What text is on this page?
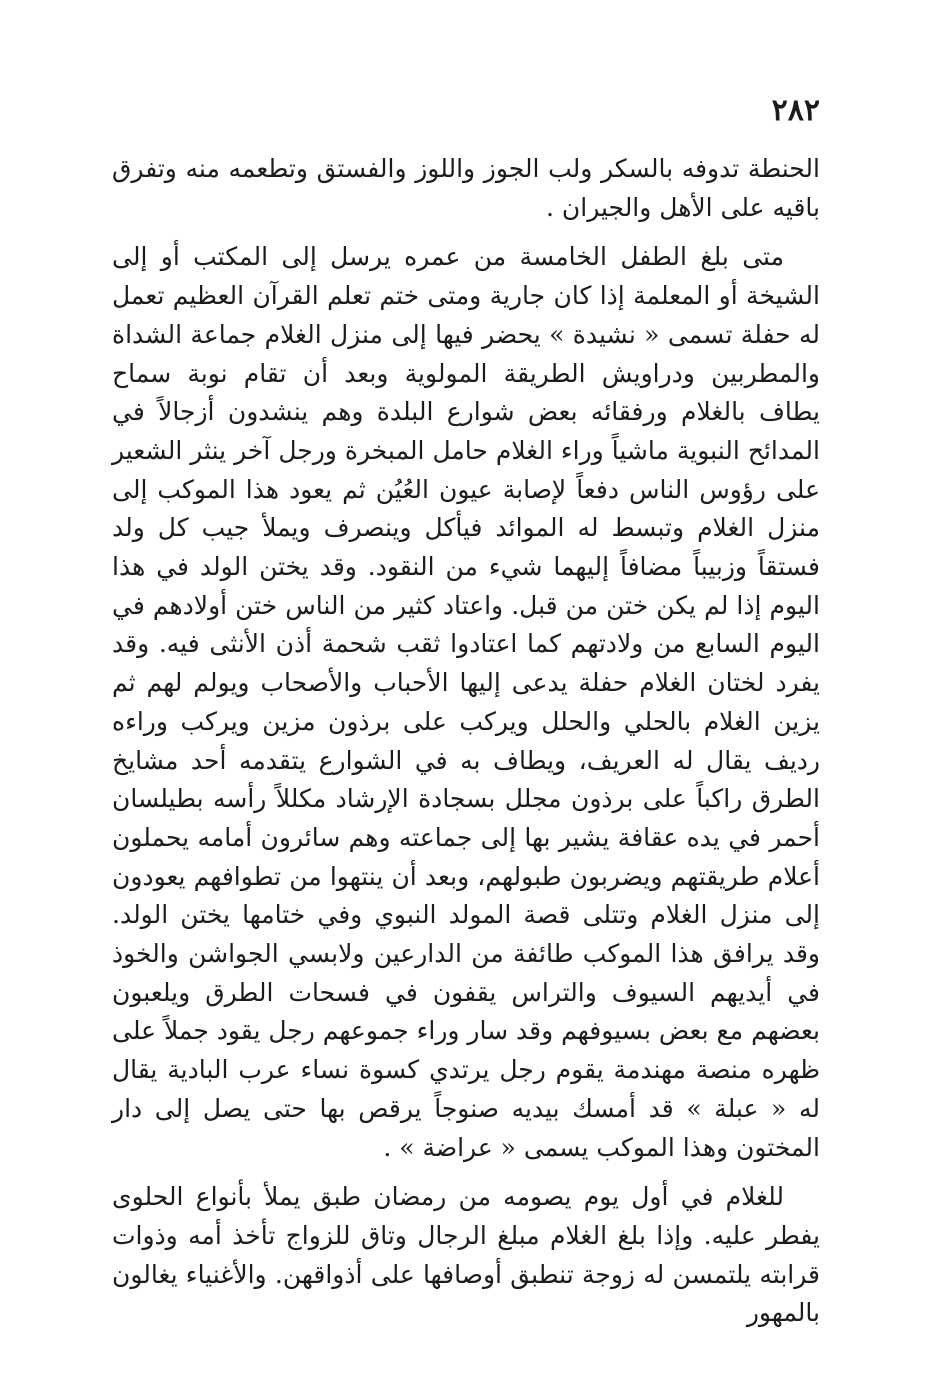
٢٨٢

الحنطة تدوفه بالسكر ولب الجوز واللوز والفستق وتطعمه منه وتفرق باقيه على الأهل والجيران .

متى بلغ الطفل الخامسة من عمره يرسل إلى المكتب أو إلى الشيخة أو المعلمة إذا كان جارية ومتى ختم تعلم القرآن العظيم تعمل له حفلة تسمى « نشيدة » يحضر فيها إلى منزل الغلام جماعة الشداة والمطربين ودراويش الطريقة المولوية وبعد أن تقام نوبة سماح يطاف بالغلام ورفقائه بعض شوارع البلدة وهم ينشدون أزجالاً في المدائح النبوية ماشياً وراء الغلام حامل المبخرة ورجل آخر ينثر الشعير على رؤوس الناس دفعاً لإصابة عيون العُيُن ثم يعود هذا الموكب إلى منزل الغلام وتبسط له الموائد فيأكل وينصرف ويملأ جيب كل ولد فستقاً وزبيباً مضافاً إليهما شيء من النقود. وقد يختن الولد في هذا اليوم إذا لم يكن ختن من قبل. واعتاد كثير من الناس ختن أولادهم في اليوم السابع من ولادتهم كما اعتادوا ثقب شحمة أذن الأنثى فيه. وقد يفرد لختان الغلام حفلة يدعى إليها الأحباب والأصحاب ويولم لهم ثم يزين الغلام بالحلي والحلل ويركب على برذون مزين ويركب وراءه رديف يقال له العريف، ويطاف به في الشوارع يتقدمه أحد مشايخ الطرق راكباً على برذون مجلل بسجادة الإرشاد مكللاً رأسه بطيلسان أحمر في يده عقافة يشير بها إلى جماعته وهم سائرون أمامه يحملون أعلام طريقتهم ويضربون طبولهم، وبعد أن ينتهوا من تطوافهم يعودون إلى منزل الغلام وتتلى قصة المولد النبوي وفي ختامها يختن الولد. وقد يرافق هذا الموكب طائفة من الدارعين ولابسي الجواشن والخوذ في أيديهم السيوف والتراس يقفون في فسحات الطرق ويلعبون بعضهم مع بعض بسيوفهم وقد سار وراء جموعهم رجل يقود جملاً على ظهره منصة مهندمة يقوم رجل يرتدي كسوة نساء عرب البادية يقال له « عبلة » قد أمسك بيديه صنوجاً يرقص بها حتى يصل إلى دار المختون وهذا الموكب يسمى « عراضة » .

للغلام في أول يوم يصومه من رمضان طبق يملأ بأنواع الحلوى يفطر عليه. وإذا بلغ الغلام مبلغ الرجال وتاق للزواج تأخذ أمه وذوات قرابته يلتمسن له زوجة تنطبق أوصافها على أذواقهن. والأغنياء يغالون بالمهور
